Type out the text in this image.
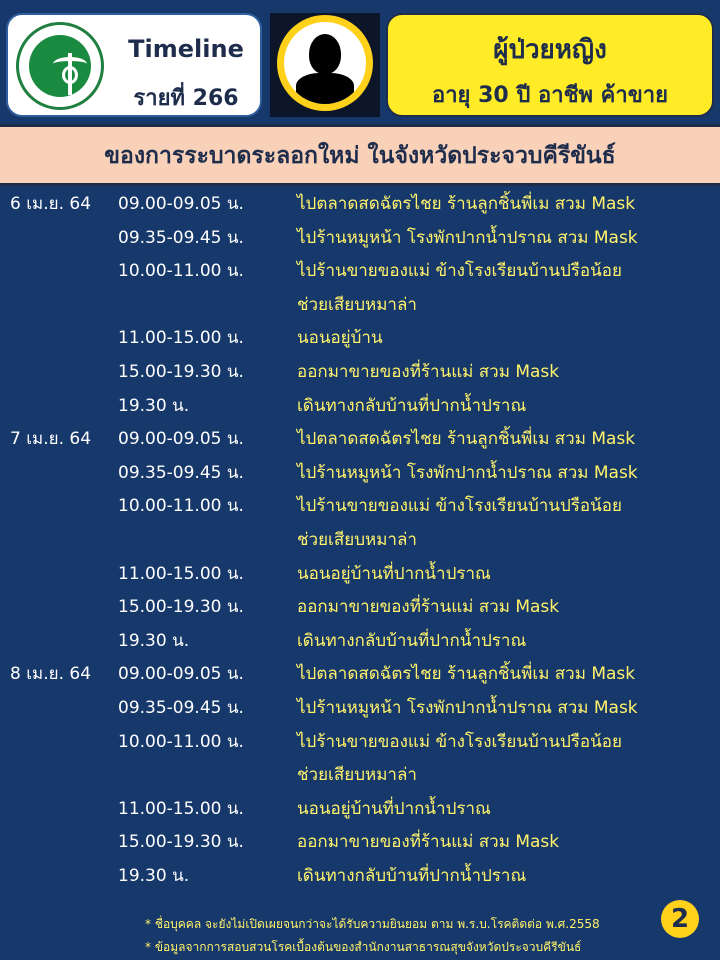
Timeline
รายที่ 266
ผู้ป่วยหญิง
อายุ 30 ปี อาชีพ ค้าขาย
ของการระบาดระลอกใหม่ ในจังหวัดประจวบคีรีขันธ์
6 เม.ย. 64	09.00-09.05 น.	ไปตลาดสดฉัตรไชย ร้านลูกชิ้นพี่เม สวม Mask
09.35-09.45 น.	ไปร้านหมูหน้า โรงพักปากน้ำปราณ สวม Mask
10.00-11.00 น.	ไปร้านขายของแม่ ข้างโรงเรียนบ้านปรือน้อย
ช่วยเสียบหมาล่า
11.00-15.00 น.	นอนอยู่บ้าน
15.00-19.30 น.	ออกมาขายของที่ร้านแม่ สวม Mask
19.30 น.	เดินทางกลับบ้านที่ปากน้ำปราณ
7 เม.ย. 64	09.00-09.05 น.	ไปตลาดสดฉัตรไชย ร้านลูกชิ้นพี่เม สวม Mask
09.35-09.45 น.	ไปร้านหมูหน้า โรงพักปากน้ำปราณ สวม Mask
10.00-11.00 น.	ไปร้านขายของแม่ ข้างโรงเรียนบ้านปรือน้อย
ช่วยเสียบหมาล่า
11.00-15.00 น.	นอนอยู่บ้านที่ปากน้ำปราณ
15.00-19.30 น.	ออกมาขายของที่ร้านแม่ สวม Mask
19.30 น.	เดินทางกลับบ้านที่ปากน้ำปราณ
8 เม.ย. 64	09.00-09.05 น.	ไปตลาดสดฉัตรไชย ร้านลูกชิ้นพี่เม สวม Mask
09.35-09.45 น.	ไปร้านหมูหน้า โรงพักปากน้ำปราณ สวม Mask
10.00-11.00 น.	ไปร้านขายของแม่ ข้างโรงเรียนบ้านปรือน้อย
ช่วยเสียบหมาล่า
11.00-15.00 น.	นอนอยู่บ้านที่ปากน้ำปราณ
15.00-19.30 น.	ออกมาขายของที่ร้านแม่ สวม Mask
19.30 น.	เดินทางกลับบ้านที่ปากน้ำปราณ
* ชื่อบุคคล จะยังไม่เปิดเผยจนกว่าจะได้รับความยินยอม ตาม พ.ร.บ.โรคติดต่อ พ.ศ.2558
* ข้อมูลจากการสอบสวนโรคเบื้องต้นของสำนักงานสาธารณสุขจังหวัดประจวบคีรีขันธ์
2
